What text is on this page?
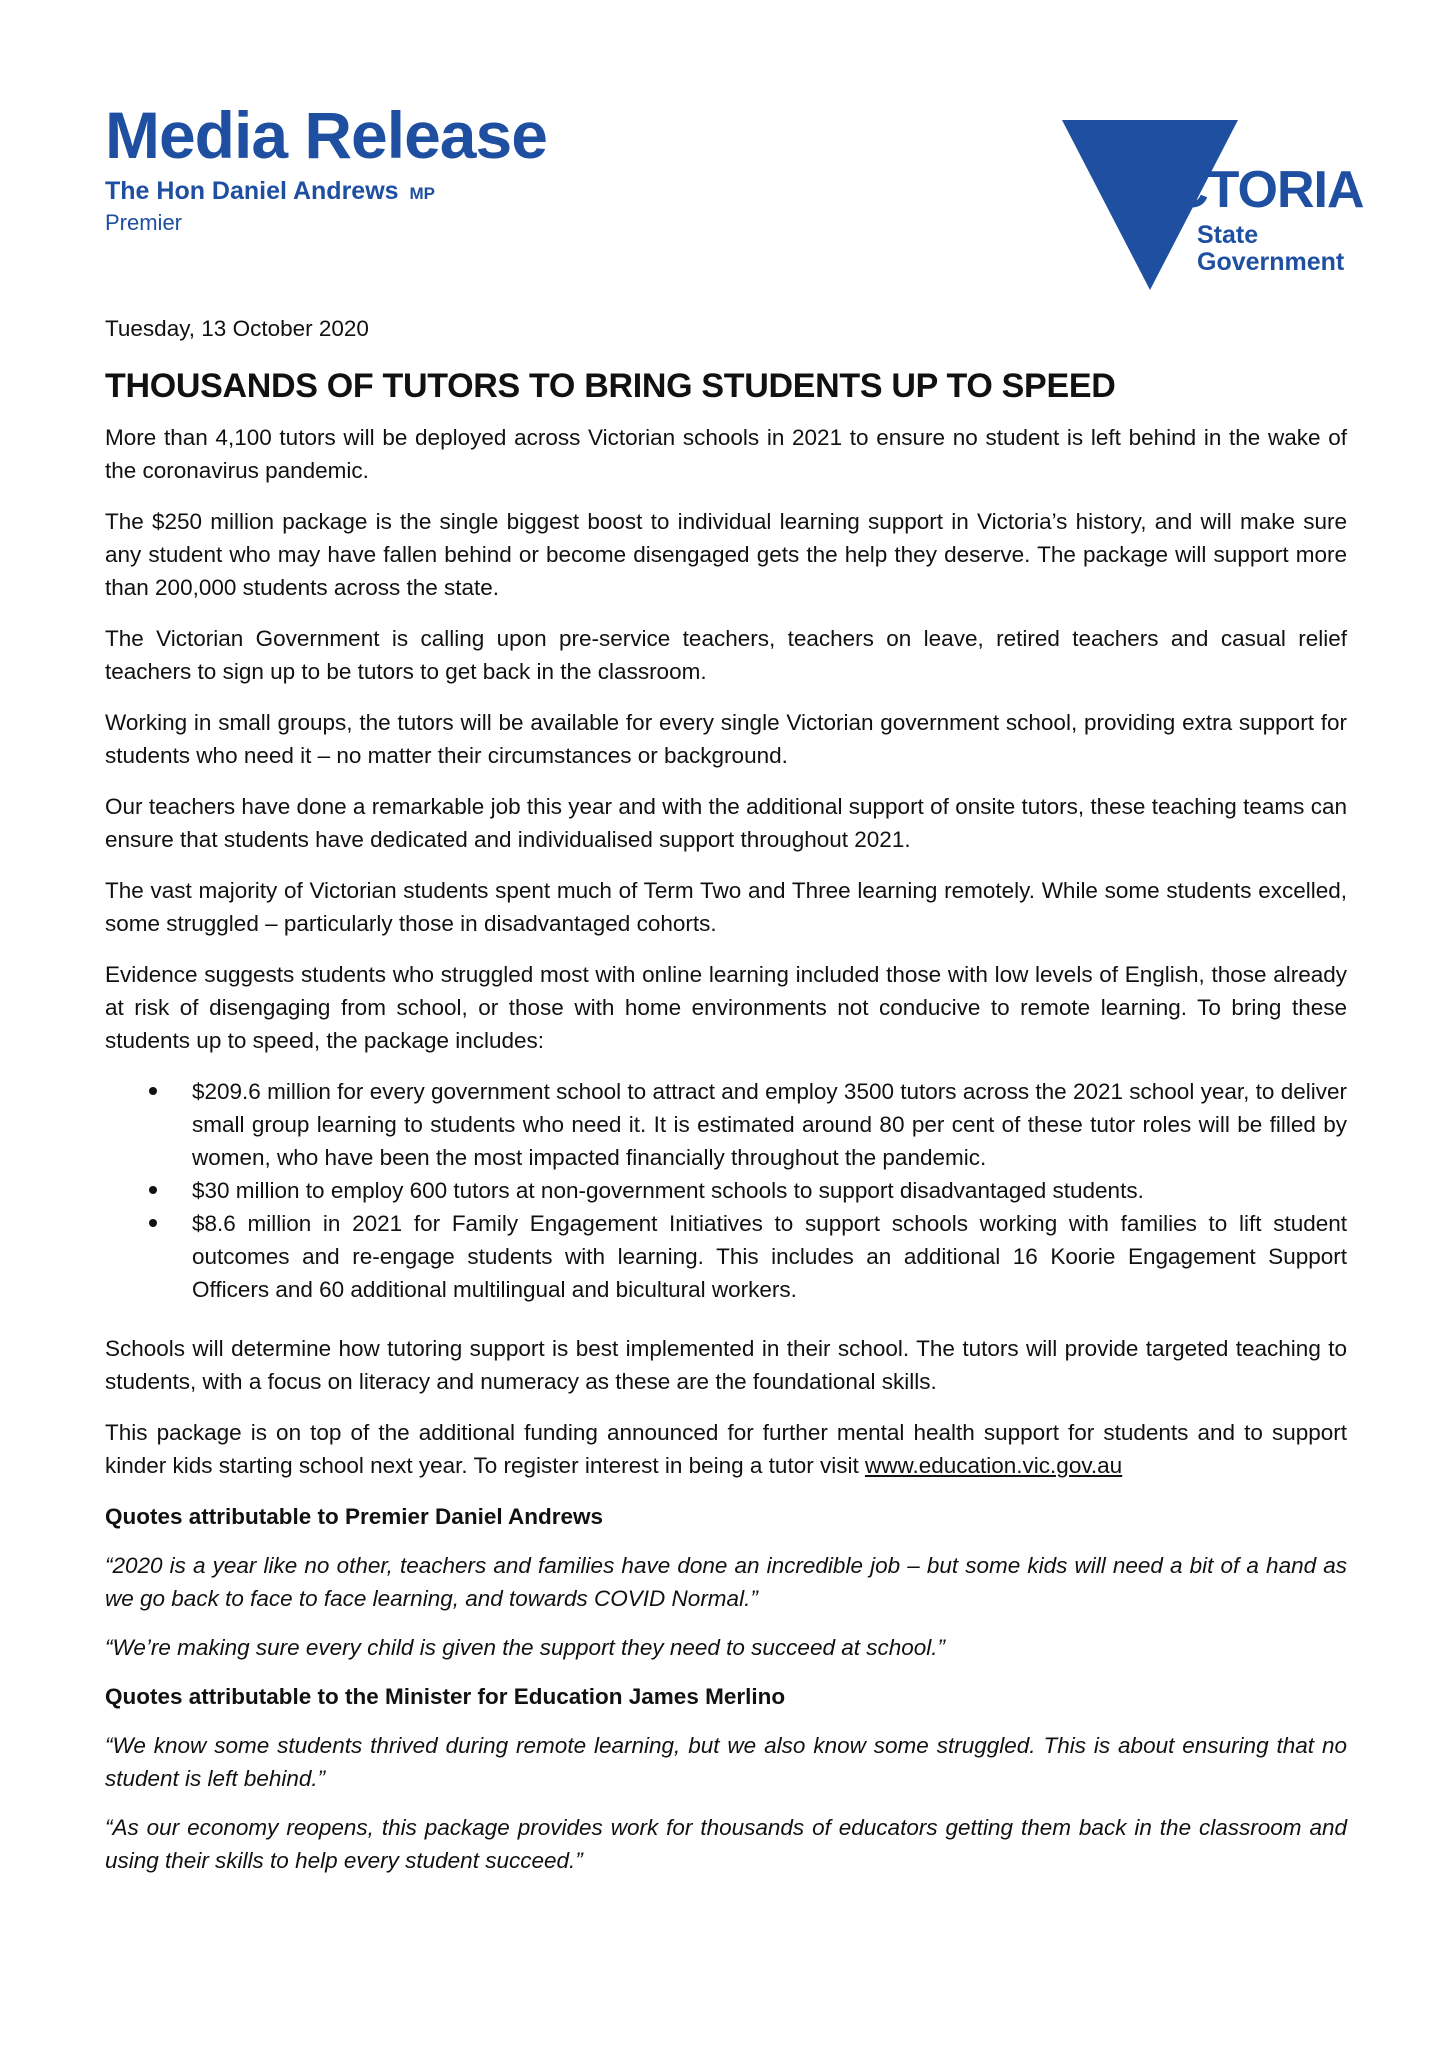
Media Release
The Hon Daniel Andrews MP
Premier
VICTORIA
State
Government
Tuesday, 13 October 2020
THOUSANDS OF TUTORS TO BRING STUDENTS UP TO SPEED

More than 4,100 tutors will be deployed across Victorian schools in 2021 to ensure no student is left behind in the wake of the coronavirus pandemic.

The $250 million package is the single biggest boost to individual learning support in Victoria’s history, and will make sure any student who may have fallen behind or become disengaged gets the help they deserve. The package will support more than 200,000 students across the state.

The Victorian Government is calling upon pre-service teachers, teachers on leave, retired teachers and casual relief teachers to sign up to be tutors to get back in the classroom.

Working in small groups, the tutors will be available for every single Victorian government school, providing extra support for students who need it – no matter their circumstances or background.

Our teachers have done a remarkable job this year and with the additional support of onsite tutors, these teaching teams can ensure that students have dedicated and individualised support throughout 2021.

The vast majority of Victorian students spent much of Term Two and Three learning remotely. While some students excelled, some struggled – particularly those in disadvantaged cohorts.

Evidence suggests students who struggled most with online learning included those with low levels of English, those already at risk of disengaging from school, or those with home environments not conducive to remote learning. To bring these students up to speed, the package includes:

$209.6 million for every government school to attract and employ 3500 tutors across the 2021 school year, to deliver small group learning to students who need it. It is estimated around 80 per cent of these tutor roles will be filled by women, who have been the most impacted financially throughout the pandemic.
$30 million to employ 600 tutors at non-government schools to support disadvantaged students.
$8.6 million in 2021 for Family Engagement Initiatives to support schools working with families to lift student outcomes and re-engage students with learning. This includes an additional 16 Koorie Engagement Support Officers and 60 additional multilingual and bicultural workers.

Schools will determine how tutoring support is best implemented in their school. The tutors will provide targeted teaching to students, with a focus on literacy and numeracy as these are the foundational skills.

This package is on top of the additional funding announced for further mental health support for students and to support kinder kids starting school next year. To register interest in being a tutor visit www.education.vic.gov.au

Quotes attributable to Premier Daniel Andrews

“2020 is a year like no other, teachers and families have done an incredible job – but some kids will need a bit of a hand as we go back to face to face learning, and towards COVID Normal.”

“We’re making sure every child is given the support they need to succeed at school.”

Quotes attributable to the Minister for Education James Merlino

“We know some students thrived during remote learning, but we also know some struggled. This is about ensuring that no student is left behind.”

“As our economy reopens, this package provides work for thousands of educators getting them back in the classroom and using their skills to help every student succeed.”
